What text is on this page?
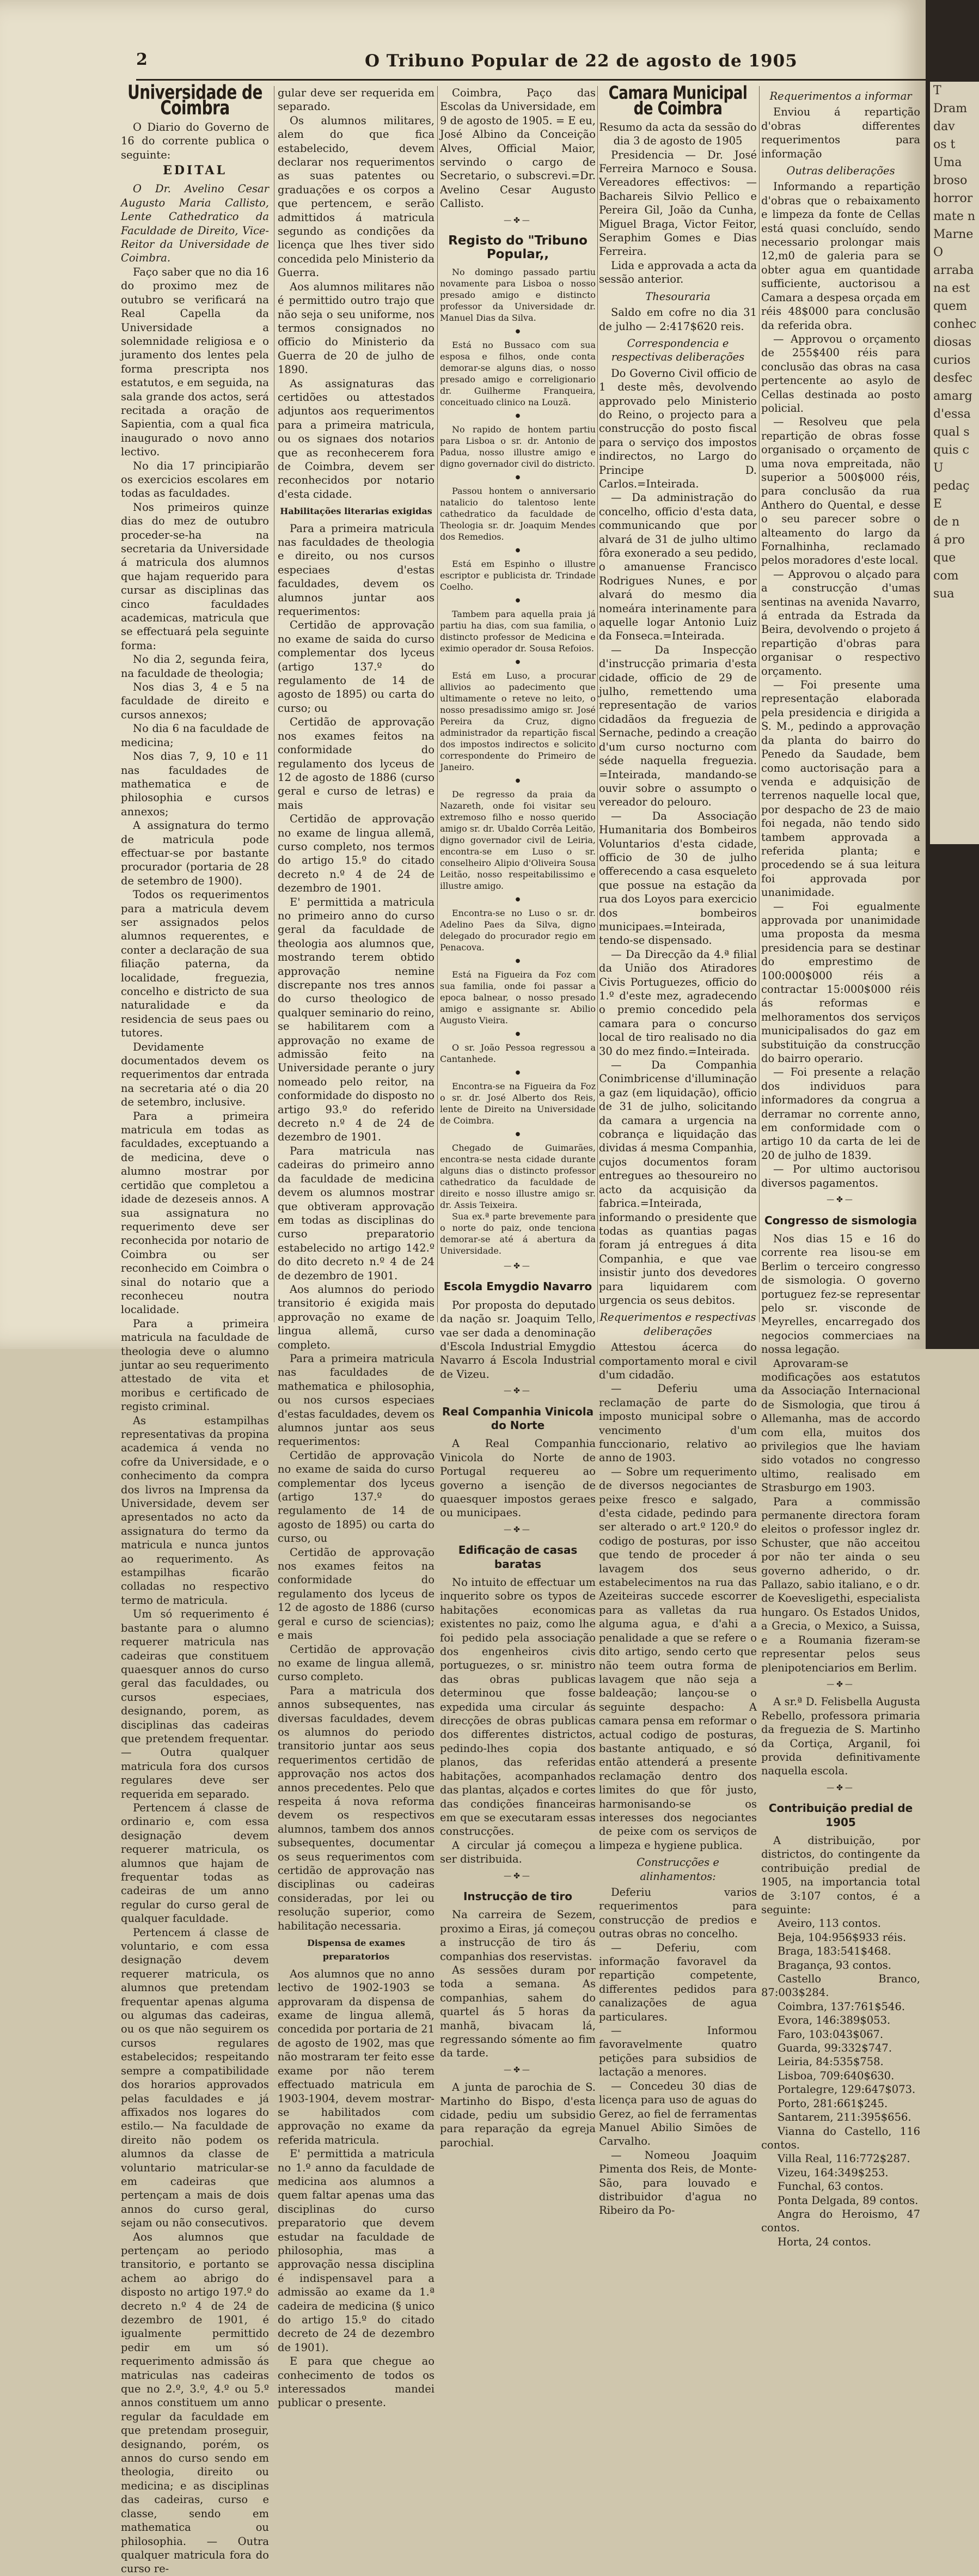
2	O Tribuno Popular de 22 de agosto de 1905
Universidade de Coimbra

O Diario do Governo de 16 do corrente publica o seguinte:

EDITAL

O Dr. Avelino Cesar Augusto Maria Callisto, Lente Cathedratico da Faculdade de Direito, Vice-Reitor da Universidade de Coimbra.

Faço saber que no dia 16 do proximo mez de outubro se verificará na Real Capella da Universidade a solemnidade religiosa e o juramento dos lentes pela forma prescripta nos estatutos, e em seguida, na sala grande dos actos, será recitada a oração de Sapientia, com a qual fica inaugurado o novo anno lectivo.

No dia 17 principiarão os exercicios escolares em todas as faculdades.

Nos primeiros quinze dias do mez de outubro proceder-se-ha na secretaria da Universidade á matricula dos alumnos que hajam requerido para cursar as disciplinas das cinco faculdades academicas, matricula que se effectuará pela seguinte forma:

No dia 2, segunda feira, na faculdade de theologia;

Nos dias 3, 4 e 5 na faculdade de direito e cursos annexos;

No dia 6 na faculdade de medicina;

Nos dias 7, 9, 10 e 11 nas faculdades de mathematica e de philosophia e cursos annexos;

A assignatura do termo de matricula pode effectuar-se por bastante procurador (portaria de 28 de setembro de 1900).

Todos os requerimentos para a matricula devem ser assignados pelos alumnos requerentes, e conter a declaração de sua filiação paterna, da localidade, freguezia, concelho e districto de sua naturalidade e da residencia de seus paes ou tutores.

Devidamente documentados devem os requerimentos dar entrada na secretaria até o dia 20 de setembro, inclusive.

Para a primeira matricula em todas as faculdades, exceptuando a de medicina, deve o alumno mostrar por certidão que completou a idade de dezeseis annos. A sua assignatura no requerimento deve ser reconhecida por notario de Coimbra ou ser reconhecido em Coimbra o sinal do notario que a reconheceu noutra localidade.

Para a primeira matricula na faculdade de theologia deve o alumno juntar ao seu requerimento attestado de vita et moribus e certificado de registo criminal.

As estampilhas representativas da propina academica á venda no cofre da Universidade, e o conhecimento da compra dos livros na Imprensa da Universidade, devem ser apresentados no acto da assignatura do termo da matricula e nunca juntos ao requerimento. As estampilhas ficarão colladas no respectivo termo de matricula.

Um só requerimento é bastante para o alumno requerer matricula nas cadeiras que constituem quaesquer annos do curso geral das faculdades, ou cursos especiaes, designando, porem, as disciplinas das cadeiras que pretendem frequentar. — Outra qualquer matricula fora dos cursos regulares deve ser requerida em separado.

Pertencem á classe de ordinario e, com essa designação devem requerer matricula, os alumnos que hajam de frequentar todas as cadeiras de um anno regular do curso geral de qualquer faculdade.

Pertencem á classe de voluntario, e com essa designação devem requerer matricula, os alumnos que pretendam frequentar apenas alguma ou algumas das cadeiras, ou os que não seguirem os cursos regulares estabelecidos; respeitando sempre a compatibilidade dos horarios approvados pelas faculdades e já affixados nos logares do estilo.— Na faculdade de direito não podem os alumnos da classe de voluntario matricular-se em cadeiras que pertençam a mais de dois annos do curso geral, sejam ou não consecutivos.

Aos alumnos que pertençam ao periodo transitorio, e portanto se achem ao abrigo do disposto no artigo 197.º do decreto n.º 4 de 24 de dezembro de 1901, é igualmente permittido pedir em um só requerimento admissão ás matriculas nas cadeiras que no 2.º, 3.º, 4.º ou 5.º annos constituem um anno regular da faculdade em que pretendam proseguir, designando, porém, os annos do curso sendo em theologia, direito ou medicina; e as disciplinas das cadeiras, curso e classe, sendo em mathematica ou philosophia. — Outra qualquer matricula fora do curso re-

gular deve ser requerida em separado.

Os alumnos militares, alem do que fica estabelecido, devem declarar nos requerimentos as suas patentes ou graduações e os corpos a que pertencem, e serão admittidos á matricula segundo as condições da licença que lhes tiver sido concedida pelo Ministerio da Guerra.

Aos alumnos militares não é permittido outro trajo que não seja o seu uniforme, nos termos consignados no officio do Ministerio da Guerra de 20 de julho de 1890.

As assignaturas das certidões ou attestados adjuntos aos requerimentos para a primeira matricula, ou os signaes dos notarios que as reconhecerem fora de Coimbra, devem ser reconhecidos por notario d'esta cidade.

Habilitações literarias exigidas

Para a primeira matricula nas faculdades de theologia e direito, ou nos cursos especiaes d'estas faculdades, devem os alumnos juntar aos requerimentos:

Certidão de approvação no exame de saida do curso complementar dos lyceus (artigo 137.º do regulamento de 14 de agosto de 1895) ou carta do curso; ou

Certidão de approvação nos exames feitos na conformidade do regulamento dos lyceus de 12 de agosto de 1886 (curso geral e curso de letras) e mais

Certidão de approvação no exame de lingua allemã, curso completo, nos termos do artigo 15.º do citado decreto n.º 4 de 24 de dezembro de 1901.

E' permittida a matricula no primeiro anno do curso geral da faculdade de theologia aos alumnos que, mostrando terem obtido approvação nemine discrepante nos tres annos do curso theologico de qualquer seminario do reino, se habilitarem com a approvação no exame de admissão feito na Universidade perante o jury nomeado pelo reitor, na conformidade do disposto no artigo 93.º do referido decreto n.º 4 de 24 de dezembro de 1901.

Para matricula nas cadeiras do primeiro anno da faculdade de medicina devem os alumnos mostrar que obtiveram approvação em todas as disciplinas do curso preparatorio estabelecido no artigo 142.º do dito decreto n.º 4 de 24 de dezembro de 1901.

Aos alumnos do periodo transitorio é exigida mais approvação no exame de lingua allemã, curso completo.

Para a primeira matricula nas faculdades de mathematica e philosophia, ou nos cursos especiaes d'estas faculdades, devem os alumnos juntar aos seus requerimentos:

Certidão de approvação no exame de saida do curso complementar dos lyceus (artigo 137.º do regulamento de 14 de agosto de 1895) ou carta do curso, ou

Certidão de approvação nos exames feitos na conformidade do regulamento dos lyceus de 12 de agosto de 1886 (curso geral e curso de sciencias); e mais

Certidão de approvação no exame de lingua allemã, curso completo.

Para a matricula dos annos subsequentes, nas diversas faculdades, devem os alumnos do periodo transitorio juntar aos seus requerimentos certidão de approvação nos actos dos annos precedentes. Pelo que respeita á nova reforma devem os respectivos alumnos, tambem dos annos subsequentes, documentar os seus requerimentos com certidão de approvação nas disciplinas ou cadeiras consideradas, por lei ou resolução superior, como habilitação necessaria.

Dispensa de exames preparatorios

Aos alumnos que no anno lectivo de 1902-1903 se approvaram da dispensa de exame de lingua allemã, concedida por portaria de 21 de agosto de 1902, mas que não mostraram ter feito esse exame por não terem effectuado matricula em 1903-1904, devem mostrar-se habilitados com approvação no exame da referida matricula.

E' permittida a matricula no 1.º anno da faculdade de medicina aos alumnos a quem faltar apenas uma das disciplinas do curso preparatorio que devem estudar na faculdade de philosophia, mas a approvação nessa disciplina é indispensavel para a admissão ao exame da 1.ª cadeira de medicina (§ unico do artigo 15.º do citado decreto de 24 de dezembro de 1901).

E para que chegue ao conhecimento de todos os interessados mandei publicar o presente.

Coimbra, Paço das Escolas da Universidade, em 9 de agosto de 1905. = E eu, José Albino da Conceição Alves, Official Maior, servindo o cargo de Secretario, o subscrevi.=Dr. Avelino Cesar Augusto Callisto.

—✤—
Registo do "Tribuno Popular,,

No domingo passado partiu novamente para Lisboa o nosso presado amigo e distincto professor da Universidade dr. Manuel Dias da Silva.

●

Está no Bussaco com sua esposa e filhos, onde conta demorar-se alguns dias, o nosso presado amigo e correligionario dr. Guilherme Franqueira, conceituado clinico na Louzã.

●

No rapido de hontem partiu para Lisboa o sr. dr. Antonio de Padua, nosso illustre amigo e digno governador civil do districto.

●

Passou hontem o anniversario natalicio do talentoso lente cathedratico da faculdade de Theologia sr. dr. Joaquim Mendes dos Remedios.

●

Está em Espinho o illustre escriptor e publicista dr. Trindade Coelho.

●

Tambem para aquella praia já partiu ha dias, com sua familia, o distincto professor de Medicina e eximio operador dr. Sousa Refoios.

●

Está em Luso, a procurar allivios ao padecimento que ultimamente o reteve no leito, o nosso presadissimo amigo sr. José Pereira da Cruz, digno administrador da repartição fiscal dos impostos indirectos e solicito correspondente do Primeiro de Janeiro.

●

De regresso da praia da Nazareth, onde foi visitar seu extremoso filho e nosso querido amigo sr. dr. Ubaldo Corrêa Leitão, digno governador civil de Leiria, encontra-se em Luso o sr. conselheiro Alipio d'Oliveira Sousa Leitão, nosso respeitabilissimo e illustre amigo.

●

Encontra-se no Luso o sr. dr. Adelino Paes da Silva, digno delegado do procurador regio em Penacova.

●

Está na Figueira da Foz com sua familia, onde foi passar a epoca balnear, o nosso presado amigo e assignante sr. Abilio Augusto Vieira.

●

O sr. João Pessoa regressou a Cantanhede.

●

Encontra-se na Figueira da Foz o sr. dr. José Alberto dos Reis, lente de Direito na Universidade de Coimbra.

●

Chegado de Guimarães, encontra-se nesta cidade durante alguns dias o distincto professor cathedratico da faculdade de direito e nosso illustre amigo sr. dr. Assis Teixeira.

Sua ex.ª parte brevemente para o norte do paiz, onde tenciona demorar-se até á abertura da Universidade.

—✤—
Escola Emygdio Navarro

Por proposta do deputado da nação sr. Joaquim Tello, vae ser dada a denominação d'Escola Industrial Emygdio Navarro á Escola Industrial de Vizeu.

—✤—
Real Companhia Vinicola do Norte

A Real Companhia Vinicola do Norte de Portugal requereu ao governo a isenção de quaesquer impostos geraes ou municipaes.

—✤—
Edificação de casas baratas

No intuito de effectuar um inquerito sobre os typos de habitações economicas existentes no paiz, como lhe foi pedido pela associação dos engenheiros civis portuguezes, o sr. ministro das obras publicas determinou que fosse expedida uma circular ás direcções de obras publicas dos differentes districtos, pedindo-lhes copia dos planos, das referidas habitações, acompanhados das plantas, alçados e cortes das condições financeiras em que se executaram essas construcções.

A circular já começou a ser distribuida.

—✤—
Instrucção de tiro

Na carreira de Sezem, proximo a Eiras, já começou a instrucção de tiro ás companhias dos reservistas.

As sessões duram por toda a semana. As companhias, sahem do quartel ás 5 horas da manhã, bivacam lá, regressando sómente ao fim da tarde.

—✤—

A junta de parochia de S. Martinho do Bispo, d'esta cidade, pediu um subsidio para reparação da egreja parochial.

Camara Municipal de Coimbra

Resumo da acta da sessão do dia 3 de agosto de 1905

Presidencia — Dr. José Ferreira Marnoco e Sousa. Vereadores effectivos: — Bachareis Silvio Pellico e Pereira Gil, João da Cunha, Miguel Braga, Victor Feitor, Seraphim Gomes e Dias Ferreira.

Lida e approvada a acta da sessão anterior.

Thesouraria

Saldo em cofre no dia 31 de julho — 2:417$620 reis.

Correspondencia e respectivas deliberações

Do Governo Civil officio de 1 deste mês, devolvendo approvado pelo Ministerio do Reino, o projecto para a construcção do posto fiscal para o serviço dos impostos indirectos, no Largo do Principe D. Carlos.=Inteirada.

— Da administração do concelho, officio d'esta data, communicando que por alvará de 31 de julho ultimo fôra exonerado a seu pedido, o amanuense Francisco Rodrigues Nunes, e por alvará do mesmo dia nomeára interinamente para aquelle logar Antonio Luiz da Fonseca.=Inteirada.

— Da Inspecção d'instrucção primaria d'esta cidade, officio de 29 de julho, remettendo uma representação de varios cidadãos da freguezia de Sernache, pedindo a creação d'um curso nocturno com séde naquella freguezia. =Inteirada, mandando-se ouvir sobre o assumpto o vereador do pelouro.

— Da Associação Humanitaria dos Bombeiros Voluntarios d'esta cidade, officio de 30 de julho offerecendo a casa esqueleto que possue na estação da rua dos Loyos para exercicio dos bombeiros municipaes.=Inteirada, tendo-se dispensado.

— Da Direcção da 4.ª filial da União dos Atiradores Civis Portuguezes, officio do 1.º d'este mez, agradecendo o premio concedido pela camara para o concurso local de tiro realisado no dia 30 do mez findo.=Inteirada.

— Da Companhia Conimbricense d'illuminação a gaz (em liquidação), officio de 31 de julho, solicitando da camara a urgencia na cobrança e liquidação das dividas á mesma Companhia, cujos documentos foram entregues ao thesoureiro no acto da acquisição da fabrica.=Inteirada, informando o presidente que todas as quantias pagas foram já entregues á dita Companhia, e que vae insistir junto dos devedores para liquidarem com urgencia os seus debitos.

Requerimentos e respectivas deliberações

Attestou ácerca do comportamento moral e civil d'um cidadão.

— Deferiu uma reclamação de parte do imposto municipal sobre o vencimento d'um funccionario, relativo ao anno de 1903.

— Sobre um requerimento de diversos negociantes de peixe fresco e salgado, d'esta cidade, pedindo para ser alterado o art.º 120.º do codigo de posturas, por isso que tendo de proceder á lavagem dos seus estabelecimentos na rua das Azeiteiras succede escorrer para as valletas da rua alguma agua, e d'ahi a penalidade a que se refere o dito artigo, sendo certo que não teem outra forma de lavagem que não seja a baldeação; lançou-se o seguinte despacho: A camara pensa em reformar o actual codigo de posturas, bastante antiquado, e só então attenderá a presente reclamação dentro dos limites do que fôr justo, harmonisando-se os interesses dos negociantes de peixe com os serviços de limpeza e hygiene publica.

Construcções e alinhamentos:

Deferiu varios requerimentos para construcção de predios e outras obras no concelho.

— Deferiu, com informação favoravel da repartição competente, differentes pedidos para canalizações de agua particulares.

— Informou favoravelmente quatro petições para subsidios de lactação a menores.

— Concedeu 30 dias de licença para uso de aguas do Gerez, ao fiel de ferramentas Manuel Abilio Simões de Carvalho.

— Nomeou Joaquim Pimenta dos Reis, de Monte-São, para louvado e distribuidor d'agua no Ribeiro da Po-

Requerimentos a informar

Enviou á repartição d'obras differentes requerimentos para informação

Outras deliberações

Informando a repartição d'obras que o rebaixamento e limpeza da fonte de Cellas está quasi concluído, sendo necessario prolongar mais 12,m0 de galeria para se obter agua em quantidade sufficiente, auctorisou a Camara a despesa orçada em réis 48$000 para conclusão da referida obra.

— Approvou o orçamento de 255$400 réis para conclusão das obras na casa pertencente ao asylo de Cellas destinada ao posto policial.

— Resolveu que pela repartição de obras fosse organisado o orçamento de uma nova empreitada, não superior a 500$000 réis, para conclusão da rua Anthero do Quental, e desse o seu parecer sobre o alteamento do largo da Fornalhinha, reclamado pelos moradores d'este local.

— Approvou o alçado para a construcção d'umas sentinas na avenida Navarro, á entrada da Estrada da Beira, devolvendo o projeto á repartição d'obras para organisar o respectivo orçamento.

— Foi presente uma representação elaborada pela presidencia e dirigida a S. M., pedindo a approvação da planta do bairro do Penedo da Saudade, bem como auctorisação para a venda e adquisição de terrenos naquelle local que, por despacho de 23 de maio foi negada, não tendo sido tambem approvada a referida planta; e procedendo se á sua leitura foi approvada por unanimidade.

— Foi egualmente approvada por unanimidade uma proposta da mesma presidencia para se destinar do emprestimo de 100:000$000 réis a contractar 15:000$000 réis ás reformas e melhoramentos dos serviços municipalisados do gaz em substituição da construcção do bairro operario.

— Foi presente a relação dos individuos para informadores da congrua a derramar no corrente anno, em conformidade com o artigo 10 da carta de lei de 20 de julho de 1839.

— Por ultimo auctorisou diversos pagamentos.

—✤—
Congresso de sismologia

Nos dias 15 e 16 do corrente rea lisou-se em Berlim o terceiro congresso de sismologia. O governo portuguez fez-se representar pelo sr. visconde de Meyrelles, encarregado dos negocios commerciaes na nossa legação.

Aprovaram-se modificações aos estatutos da Associação Internacional de Sismologia, que tirou á Allemanha, mas de accordo com ella, muitos dos privilegios que lhe haviam sido votados no congresso ultimo, realisado em Strasburgo em 1903.

Para a commissão permanente directora foram eleitos o professor inglez dr. Schuster, que não acceitou por não ter ainda o seu governo adherido, o dr. Pallazo, sabio italiano, e o dr. de Koevesligethi, especialista hungaro. Os Estados Unidos, a Grecia, o Mexico, a Suissa, e a Roumania fizeram-se representar pelos seus plenipotenciarios em Berlim.

—✤—

A sr.ª D. Felisbella Augusta Rebello, professora primaria da freguezia de S. Martinho da Cortiça, Arganil, foi provida definitivamente naquella escola.

—✤—
Contribuição predial de 1905

A distribuição, por districtos, do contingente da contribuição predial de 1905, na importancia total de 3:107 contos, é a seguinte:

Aveiro, 113 contos.

Beja, 104:956$933 réis.

Braga, 183:541$468.

Bragança, 93 contos.

Castello Branco, 87:003$284.

Coimbra, 137:761$546.

Evora, 146:389$053.

Faro, 103:043$067.

Guarda, 99:332$747.

Leiria, 84:535$758.

Lisboa, 709:640$630.

Portalegre, 129:647$073.

Porto, 281:661$245.

Santarem, 211:395$656.

Vianna do Castello, 116 contos.

Villa Real, 116:772$287.

Vizeu, 164:349$253.

Funchal, 63 contos.

Ponta Delgada, 89 contos.

Angra do Heroismo, 47 contos.

Horta, 24 contos.

T

Dram

dav

os t

Uma

broso

horror

mate n

Marne

O

arraba

na est

quem

conhec

diosas

curios

desfec

amarg

d'essa

qual s

quis c

U

pedaç

E

de n

á pro

que

com

sua
